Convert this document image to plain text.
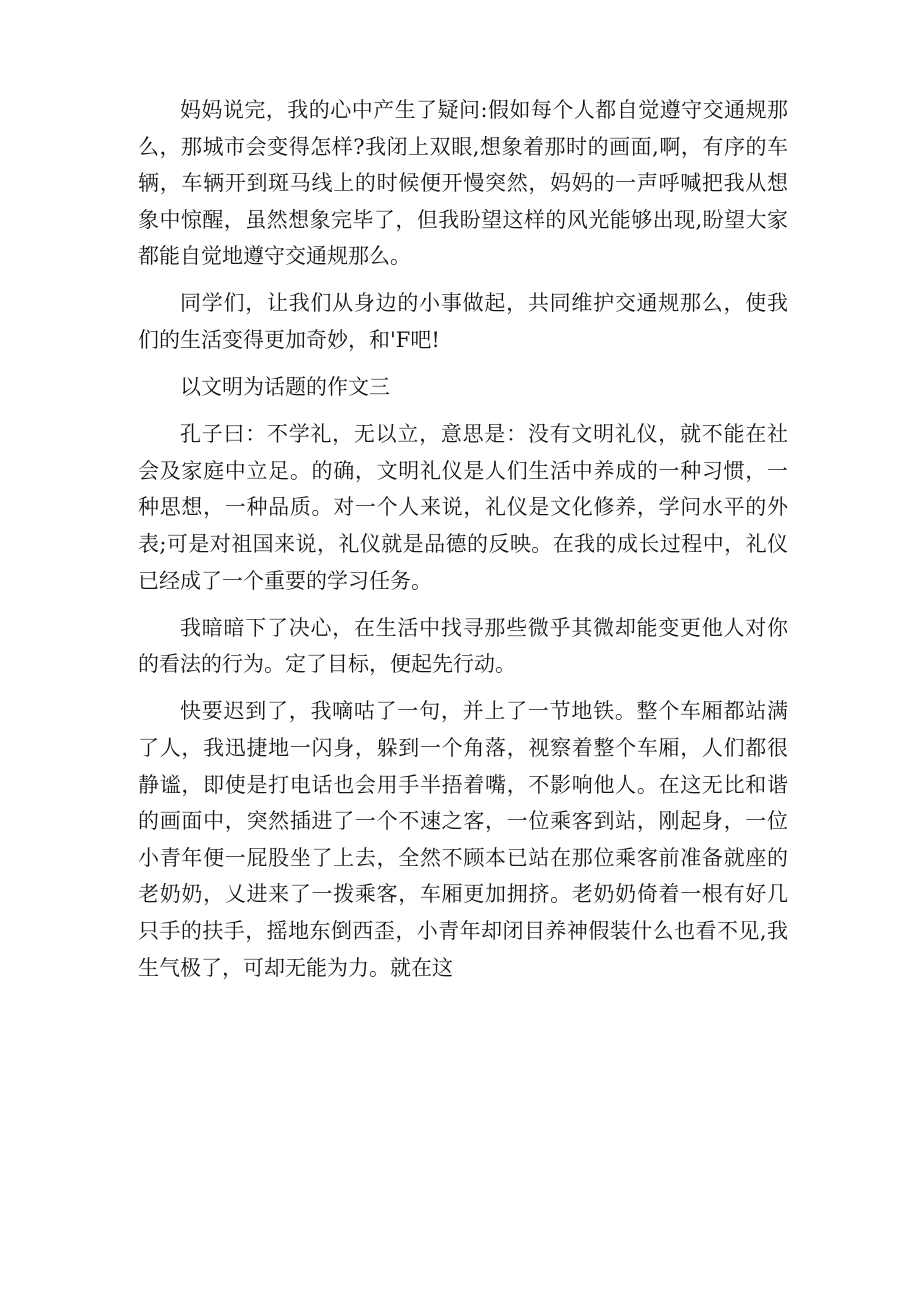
妈妈说完，我的心中产生了疑问:假如每个人都自觉遵守交通规那么，那城市会变得怎样?我闭上双眼,想象着那时的画面,啊，有序的车辆，车辆开到斑马线上的时候便开慢突然，妈妈的一声呼喊把我从想象中惊醒，虽然想象完毕了，但我盼望这样的风光能够出现,盼望大家都能自觉地遵守交通规那么。

同学们，让我们从身边的小事做起，共同维护交通规那么，使我们的生活变得更加奇妙，和'F吧!

以文明为话题的作文三

孔子曰：不学礼，无以立，意思是：没有文明礼仪，就不能在社会及家庭中立足。的确，文明礼仪是人们生活中养成的一种习惯，一种思想，一种品质。对一个人来说，礼仪是文化修养，学问水平的外表;可是对祖国来说，礼仪就是品德的反映。在我的成长过程中，礼仪已经成了一个重要的学习任务。

我暗暗下了决心，在生活中找寻那些微乎其微却能变更他人对你的看法的行为。定了目标，便起先行动。

快要迟到了，我嘀咕了一句，并上了一节地铁。整个车厢都站满了人，我迅捷地一闪身，躲到一个角落，视察着整个车厢，人们都很静谧，即使是打电话也会用手半捂着嘴，不影响他人。在这无比和谐的画面中，突然插进了一个不速之客，一位乘客到站，刚起身，一位小青年便一屁股坐了上去，全然不顾本已站在那位乘客前准备就座的老奶奶，乂进来了一拨乘客，车厢更加拥挤。老奶奶倚着一根有好几只手的扶手，摇地东倒西歪，小青年却闭目养神假装什么也看不见,我生气极了，可却无能为力。就在这
